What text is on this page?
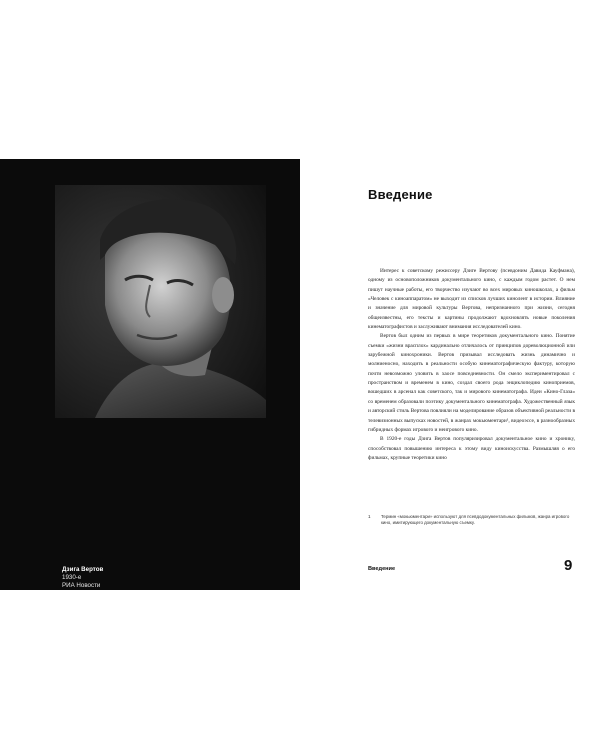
Дзига Вертов
1930-е
РИА Новости
Введение

Интерес к советскому режиссеру Дзиге Вертову (псевдоним Давида Кауфмана), одному из основоположников документального кино, с каждым годом растет. О нем пишут научные работы, его творчество изучают во всех мировых киношколах, а фильм «Человек с киноаппаратом» не выходит из списков лучших кинолент в истории. Влияние и значение для мировой культуры Вертова, непризнанного при жизни, сегодня общеизвестны, его тексты и картины продолжают вдохновлять новые поколения кинематографистов и заслуживают внимания исследователей кино.

Вертов был одним из первых в мире теоретиков документального кино. Понятие съемки «жизни врасплох» кардинально отличалось от принципов дореволюционной или зарубежной кинохроники. Вертов призывал исследовать жизнь динамично и молниеносно, находить в реальности особую кинематографическую фактуру, которую почти невозможно уловить в хаосе повседневности. Он смело экспериментировал с пространством и временем в кино, создал своего рода энциклопедию киноприемов, вошедших в арсенал как советского, так и мирового кинематографа. Идеи «Кино-Глаза» со временем образовали поэтику документального кинематографа. Художественный язык и авторский стиль Вертова повлияли на моделирование образов объективной реальности в телевизионных выпусках новостей, в жанрах мокьюментари¹, видеоэссе, в разнообразных гибридных формах игрового и неигрового кино.

В 1920-е годы Дзига Вертов популяризировал документальное кино и хронику, способствовал повышению интереса к этому виду киноискусства. Размышляя о его фильмах, крупные теоретики кино

1 Термин «мокьюментари» используют для псевдодокументальных фильмов, жанра игрового кино, имитирующего документальную съемку.
Введение	9
